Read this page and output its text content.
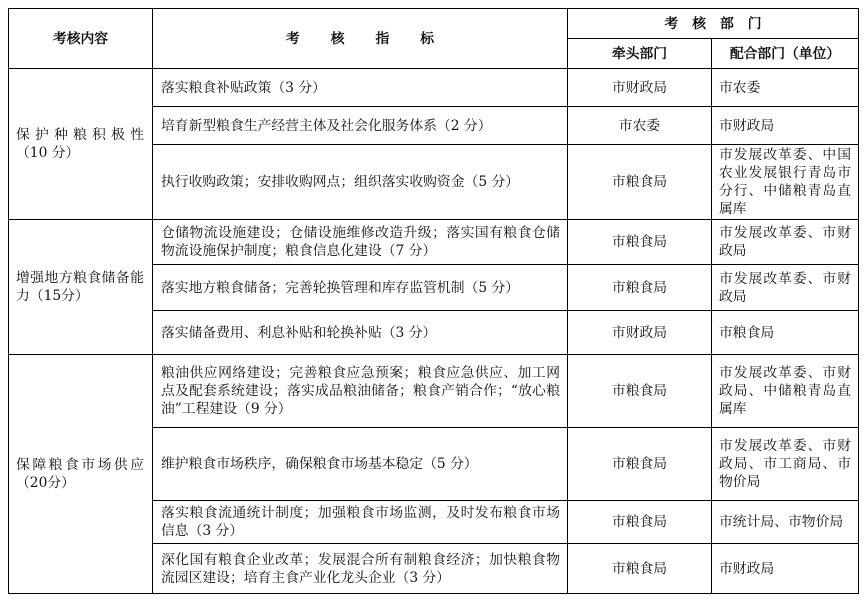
考核内容	考核指标	考核部门	
		牵头部门	配合部门（单位）
保护种粮积极性（10 分）	落实粮食补贴政策（3 分）	市财政局	市农委
	培育新型粮食生产经营主体及社会化服务体系（2 分）	市农委	市财政局
	执行收购政策；安排收购网点；组织落实收购资金（5 分）	市粮食局	市发展改革委、中国农业发展银行青岛市分行、中储粮青岛直属库
增强地方粮食储备能力（15分）	仓储物流设施建设；仓储设施维修改造升级；落实国有粮食仓储物流设施保护制度；粮食信息化建设（7 分）	市粮食局	市发展改革委、市财政局
	落实地方粮食储备；完善轮换管理和库存监管机制（5 分）	市粮食局	市发展改革委、市财政局
	落实储备费用、利息补贴和轮换补贴（3 分）	市财政局	市粮食局
保障粮食市场供应（20分）	粮油供应网络建设；完善粮食应急预案；粮食应急供应、加工网点及配套系统建设；落实成品粮油储备；粮食产销合作；“放心粮油”工程建设（9 分）	市粮食局	市发展改革委、市财政局、中储粮青岛直属库
	维护粮食市场秩序，确保粮食市场基本稳定（5 分）	市粮食局	市发展改革委、市财政局、市工商局、市物价局
	落实粮食流通统计制度；加强粮食市场监测，及时发布粮食市场信息（3 分）	市粮食局	市统计局、市物价局
	深化国有粮食企业改革；发展混合所有制粮食经济；加快粮食物流园区建设；培育主食产业化龙头企业（3 分）	市粮食局	市财政局
